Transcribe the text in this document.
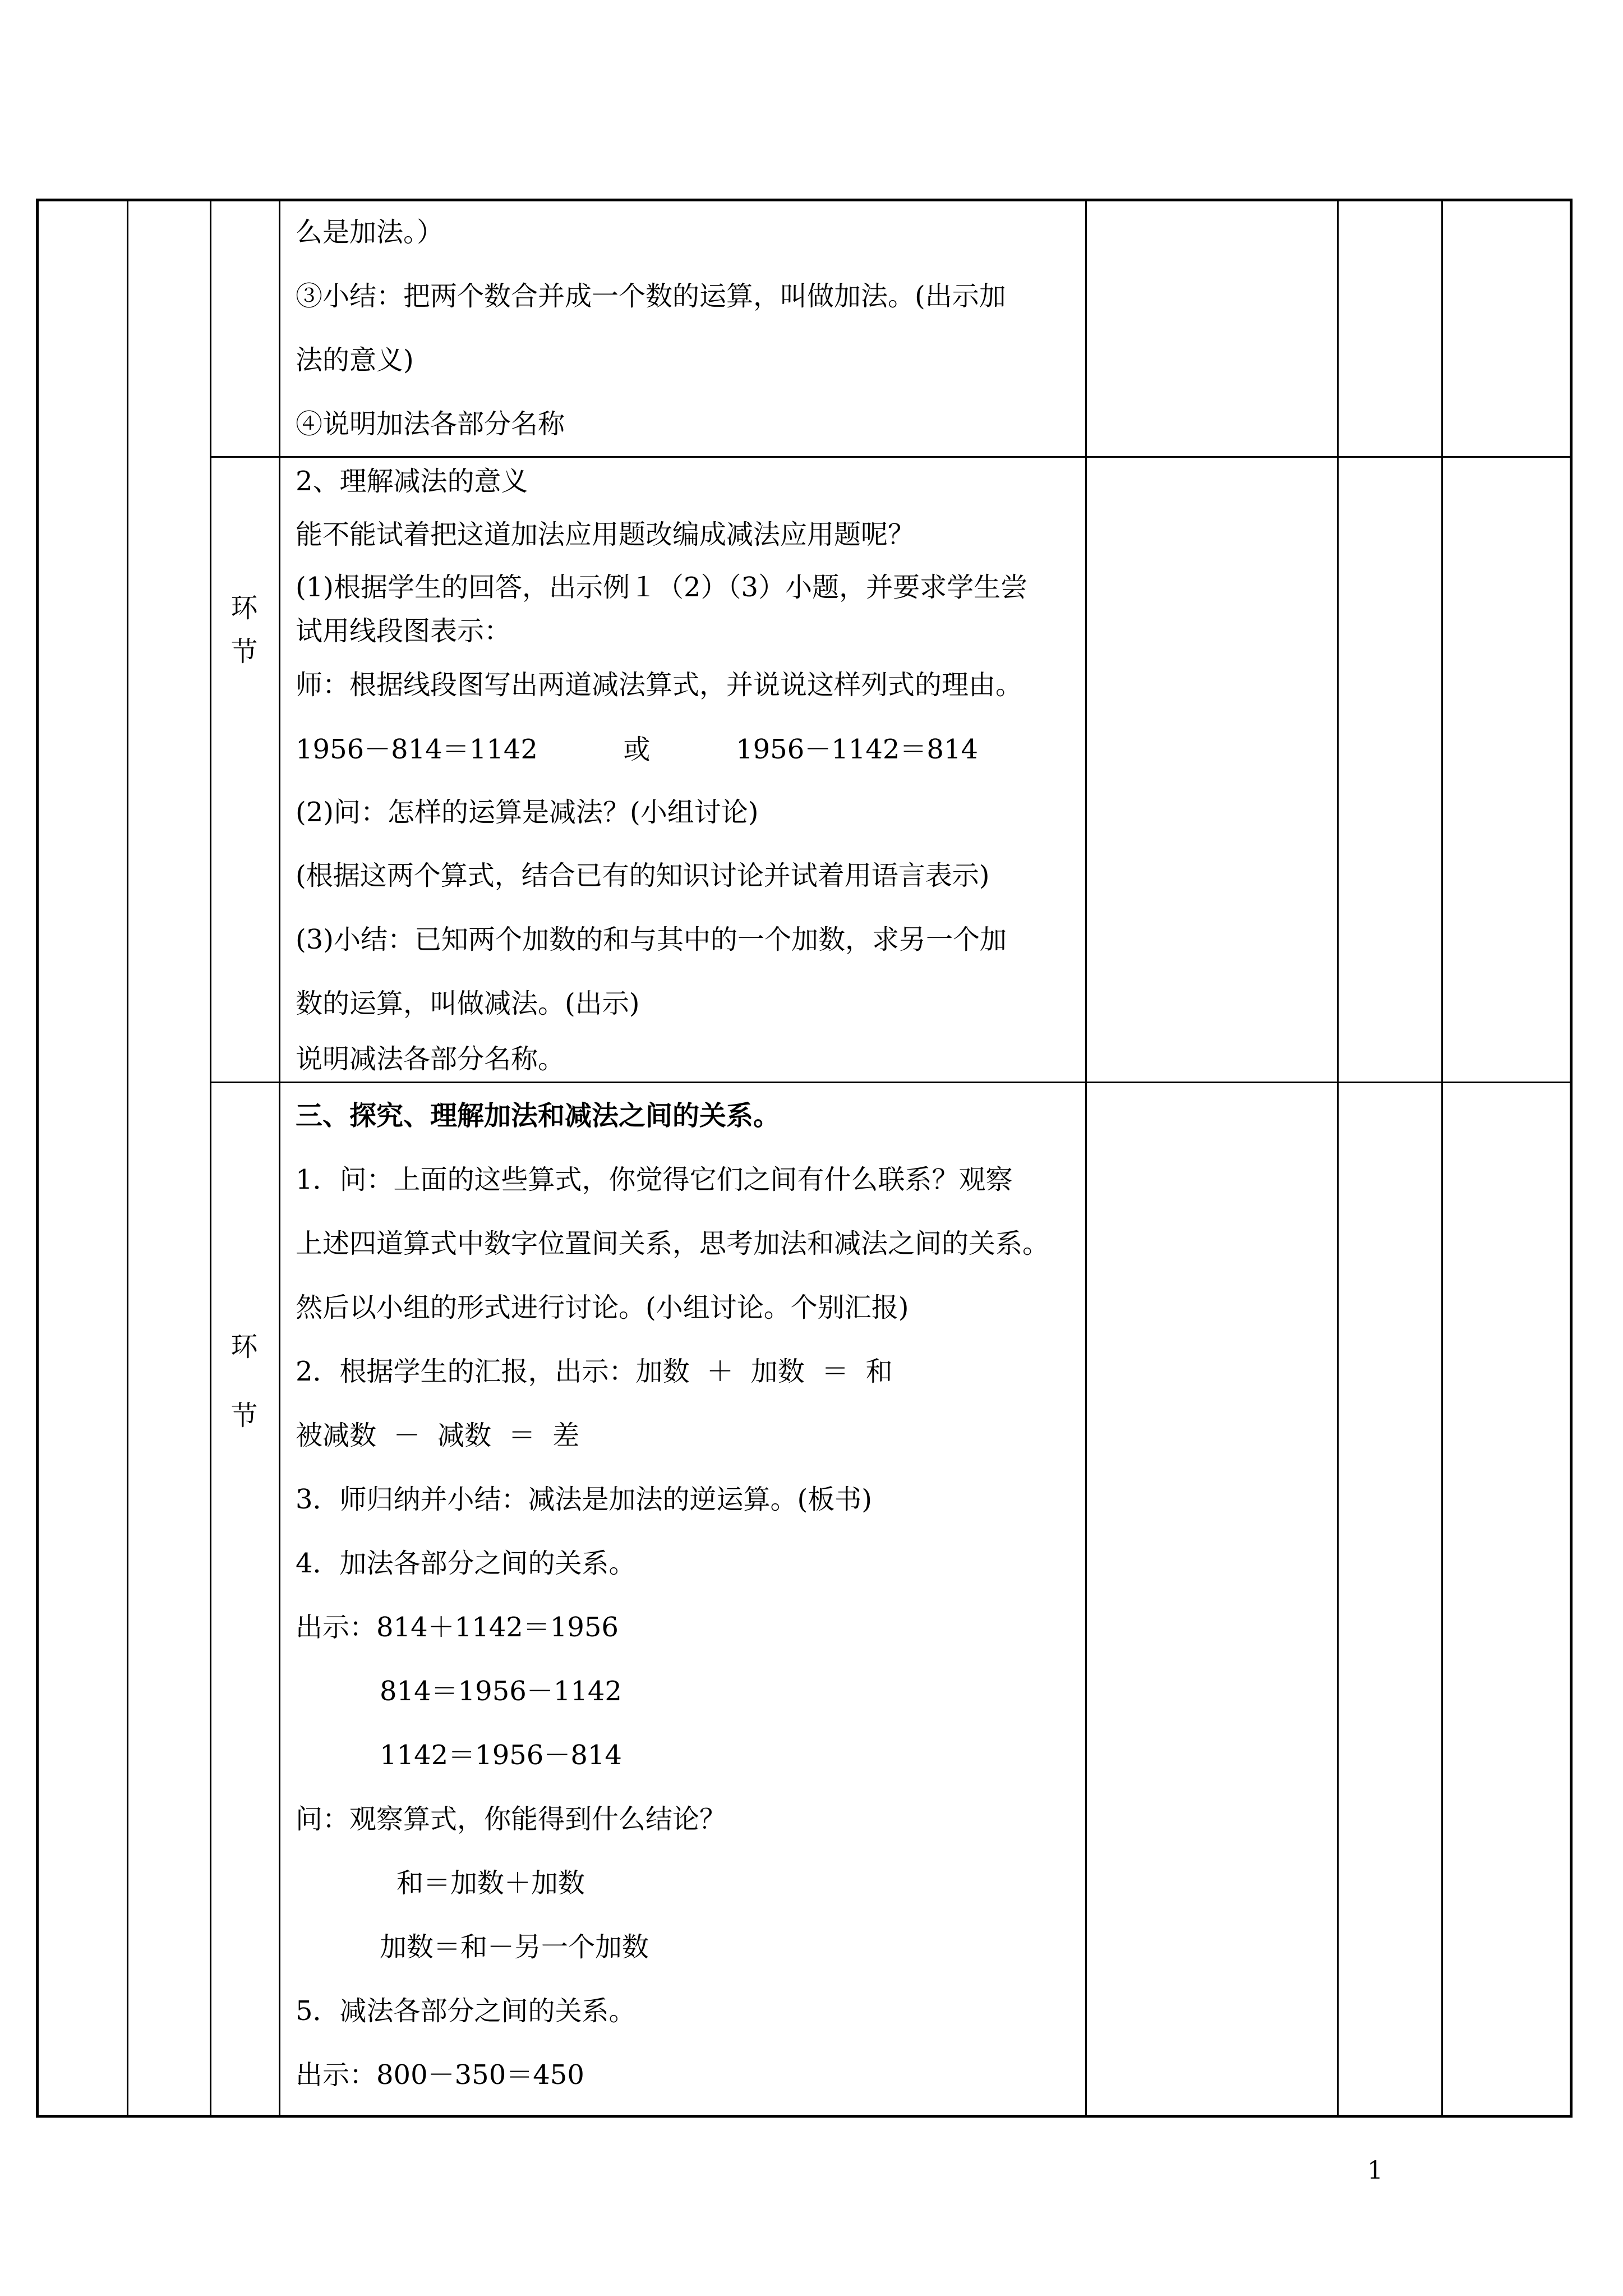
环
节
环
节
么是加法。）
③小结：把两个数合并成一个数的运算，叫做加法。(出示加
法的意义)
④说明加法各部分名称
2、理解减法的意义
能不能试着把这道加法应用题改编成减法应用题呢？
(1)根据学生的回答，出示例１（2）（3）小题，并要求学生尝
试用线段图表示：
师：根据线段图写出两道减法算式，并说说这样列式的理由。
1956－814＝1142          或          1956－1142＝814
(2)问：怎样的运算是减法？(小组讨论)
(根据这两个算式，结合已有的知识讨论并试着用语言表示)
(3)小结：已知两个加数的和与其中的一个加数，求另一个加
数的运算，叫做减法。(出示)
说明减法各部分名称。
三、探究、理解加法和减法之间的关系。
1．问：上面的这些算式，你觉得它们之间有什么联系？观察
上述四道算式中数字位置间关系，思考加法和减法之间的关系。
然后以小组的形式进行讨论。(小组讨论。个别汇报)
2．根据学生的汇报，出示：加数  ＋  加数  ＝  和
被减数  －  减数  ＝  差
3．师归纳并小结：减法是加法的逆运算。(板书)
4．加法各部分之间的关系。
出示：814＋1142＝1956
814＝1956－1142
1142＝1956－814
问：观察算式，你能得到什么结论？
和＝加数＋加数
加数＝和－另一个加数
5．减法各部分之间的关系。
出示：800－350＝450
1
